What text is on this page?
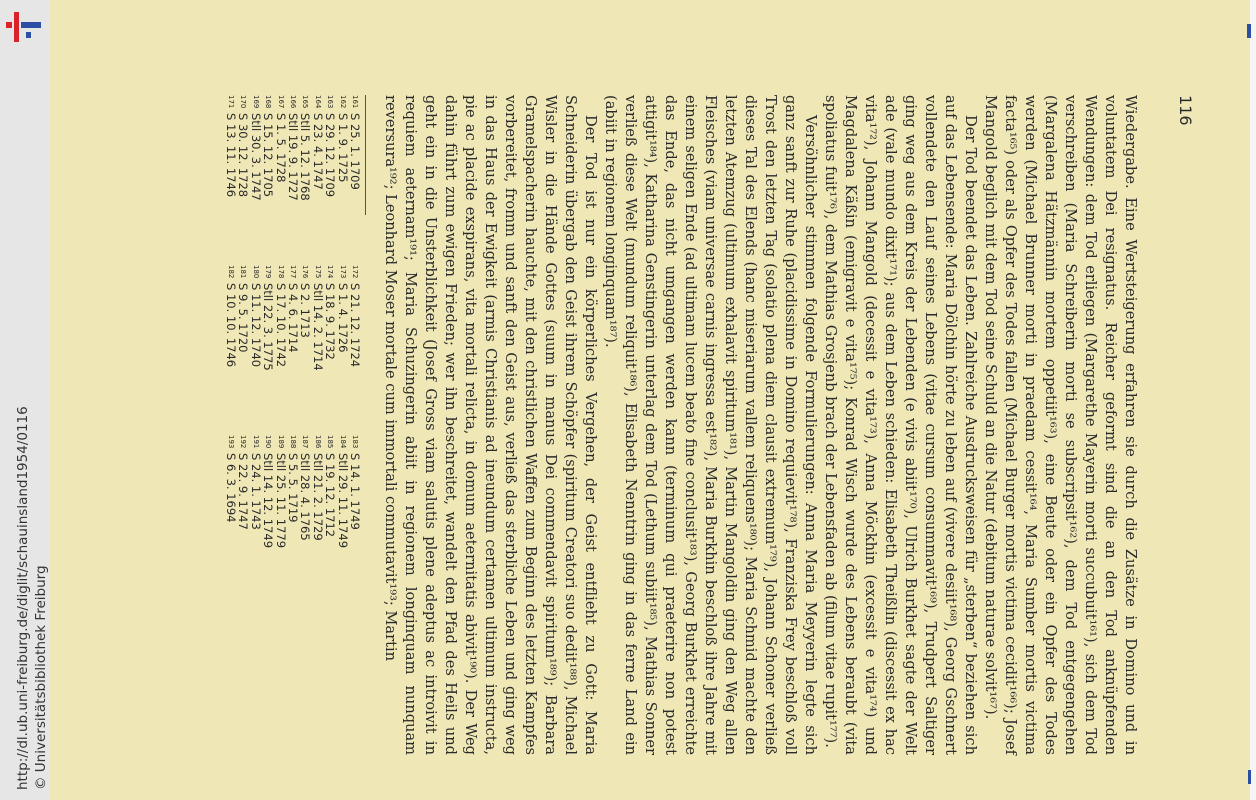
http://dl.ub.uni-freiburg.de/diglit/schauinsland1954/0116 © Universitätsbibliothek Freiburg	Wiedergabe. Eine Wertsteigerung erfahren sie durch die Zusätze in Domino und in voluntatem Dei resignatus. Reicher geformt sind die an den Tod anknüpfenden Wendungen: dem Tod erliegen (Margarethe Mayerin morti succubuit¹⁶¹), sich dem Tod verschreiben (Maria Schreiberin morti se subscripsit¹⁶²), dem Tod entgegengehen (Margalena Hätzmännin mortem oppetiit¹⁶³), eine Beute oder ein Opfer des Todes werden (Michael Brunner morti in praedam cessit¹⁶⁴, Maria Sumber mortis victima facta¹⁶⁵) oder als Opfer des Todes fallen (Michael Burger mortis victima cecidit¹⁶⁶); Josef Mangold beglich mit dem Tod seine Schuld an die Natur (debitum naturae solvit¹⁶⁷).

Der Tod beendet das Leben. Zahlreiche Ausdrucksweisen für „sterben“ beziehen sich auf das Lebensende: Maria Dölchin hörte zu leben auf (vivere desiit¹⁶⁸), Georg Gschnert vollendete den Lauf seines Lebens (vitae cursum consummavit¹⁶⁹), Trudpert Saltiger ging weg aus dem Kreis der Lebenden (e vivis abiit¹⁷⁰), Ulrich Burkhet sagte der Welt ade (vale mundo dixit¹⁷¹); aus dem Leben schieden: Elisabeth Theißlin (discessit ex hac vita¹⁷²), Johann Mangold (decessit e vita¹⁷³), Anna Möckhin (excessit e vita¹⁷⁴) und Magdalena Käßin (emigravit e vita¹⁷⁵); Konrad Wisch wurde des Lebens beraubt (vita spoliatus fuit¹⁷⁶), dem Mathias Grosjenb brach der Lebensfaden ab (filum vitae rupit¹⁷⁷).

Versöhnlicher stimmen folgende Formulierungen: Anna Maria Meyyerin legte sich ganz sanft zur Ruhe (placidissime in Domino requievit¹⁷⁸), Franziska Frey beschloß voll Trost den letzten Tag (solatio plena diem clausit extremum¹⁷⁹), Johann Schoner verließ dieses Tal des Elends (hanc miseriarum vallem reliquens¹⁸⁰); Maria Schmid machte den letzten Atemzug (ultimum exhalavit spiritum¹⁸¹), Martin Mangoldin ging den Weg allen Fleisches (viam universae carnis ingressa est¹⁸²), Maria Burkhin beschloß ihre Jahre mit einem seligen Ende (ad ultimam lucem beato fine conclusit¹⁸³), Georg Burkhet erreichte das Ende, das nicht umgangen werden kann (terminum qui praeterire non potest attigit¹⁸⁴), Katharina Genstingerin unterlag dem Tod (Lethum subiit¹⁸⁵), Mathias Sonner verließ diese Welt (mundum reliquit¹⁸⁶), Elisabeth Nenntrin ging in das ferne Land ein (abiit in regionem longinquam¹⁸⁷).

Der Tod ist nur ein körperliches Vergehen, der Geist entflieht zu Gott: Maria Schneiderin übergab den Geist ihrem Schöpfer (spiritum Creatori suo dedit¹⁸⁸), Michael Wisler in die Hände Gottes (suum in manus Dei commendavit spiritum¹⁸⁹); Barbara Gramelspacherin hauchte, mit den christlichen Waffen zum Beginn des letzten Kampfes vorbereitet, fromm und sanft den Geist aus, verließ das sterbliche Leben und ging weg in das Haus der Ewigkeit (armis Christianis ad ineundum certamen ultimum instructa, pie ac placide exspirans, vita mortali relicta, in domum aeternitatis abivit¹⁹⁰). Der Weg dahin führt zum ewigen Frieden; wer ihn beschreitet, wandelt den Pfad des Heils und geht ein in die Unsterblichkeit (Josef Gross viam salutis plene adeptus ac introivit in requiem aeternam¹⁹¹; Maria Schuzingerin abiit in regionem longinquam nunquam reversura¹⁹²; Leonhard Moser mortale cum immortali commutavit¹⁹³; Martin

161S 25. 1. 1709
162S 1. 9. 1725
163S 29. 12. 1709
164S 23. 4. 1747
165Stll 5. 12. 1768
166Stll 19. 9. 1727
167S 1. 5. 1728
168S 15. 12. 1705
169Stll 30. 3. 1747
170S 30. 12. 1728
171S 13. 11. 1746
172S 21. 12. 1724
173S 1. 4. 1726
174S 18. 9. 1732
175Stll 14. 2. 1714
176S 2. 1713
177S 4. 6. 1714
178S 17. 10. 1742
179Stll 22. 3. 1775
180S 11. 12. 1740
181S 9. 5. 1720
182S 10. 10. 1746
183S 14. 1. 1749
184Stll 29. 11. 1749
185S 19. 12. 1712
186Stll 21. 2. 1729
187Stll 28. 4. 1765
188S 5. 5. 1719
189Stll 25. 11. 1779
190Stll 14. 12. 1749
191S 24. 1. 1743
192S 22. 9. 1747
193S 6. 3. 1694
116
